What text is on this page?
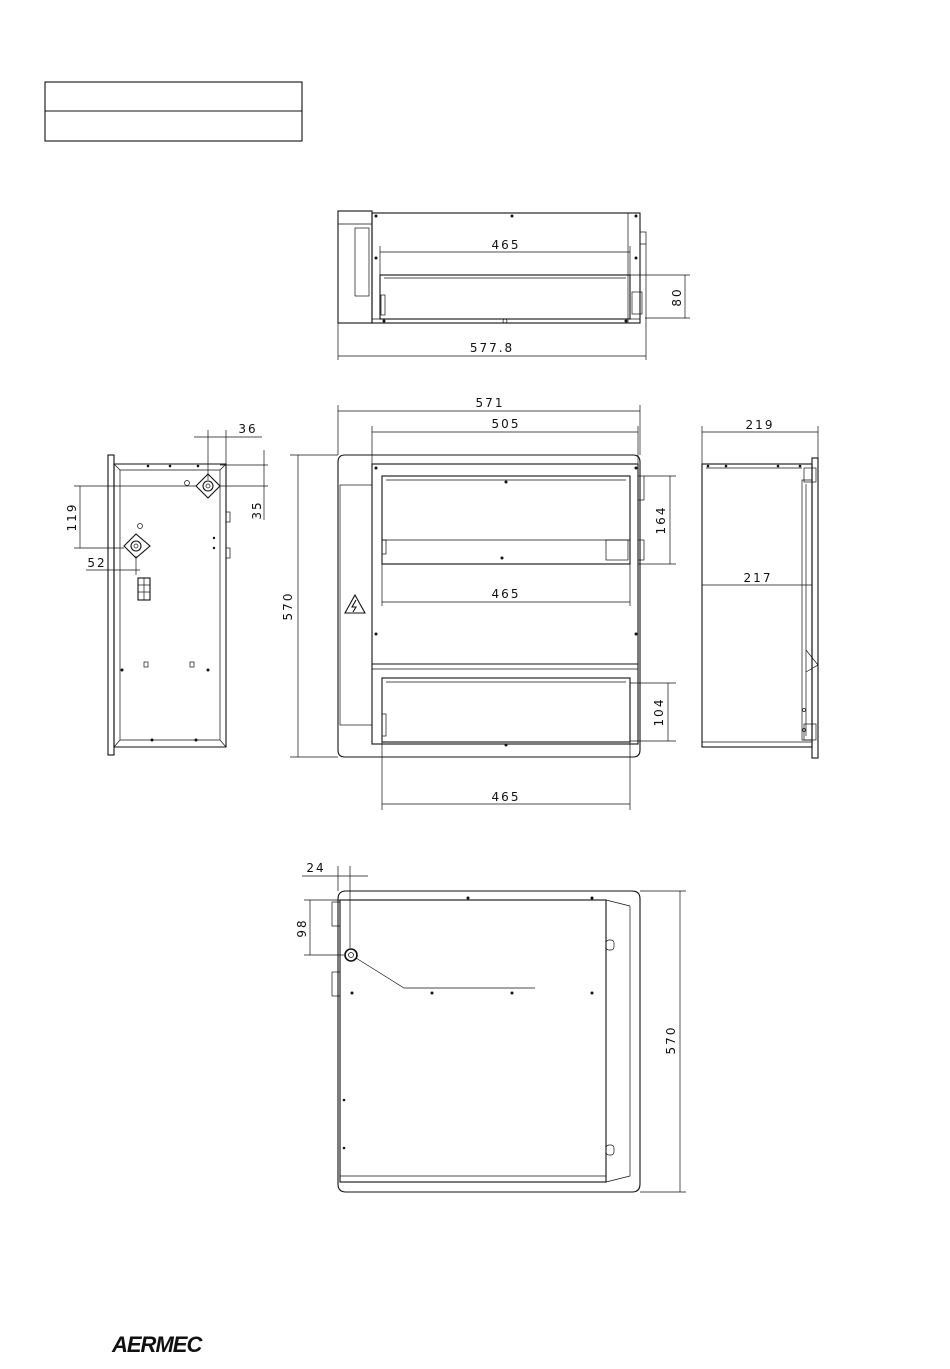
465
80
577.8
571
505
570
164
465
104
465
36
35
119
52
219
217
24
98
570
AERMEC
